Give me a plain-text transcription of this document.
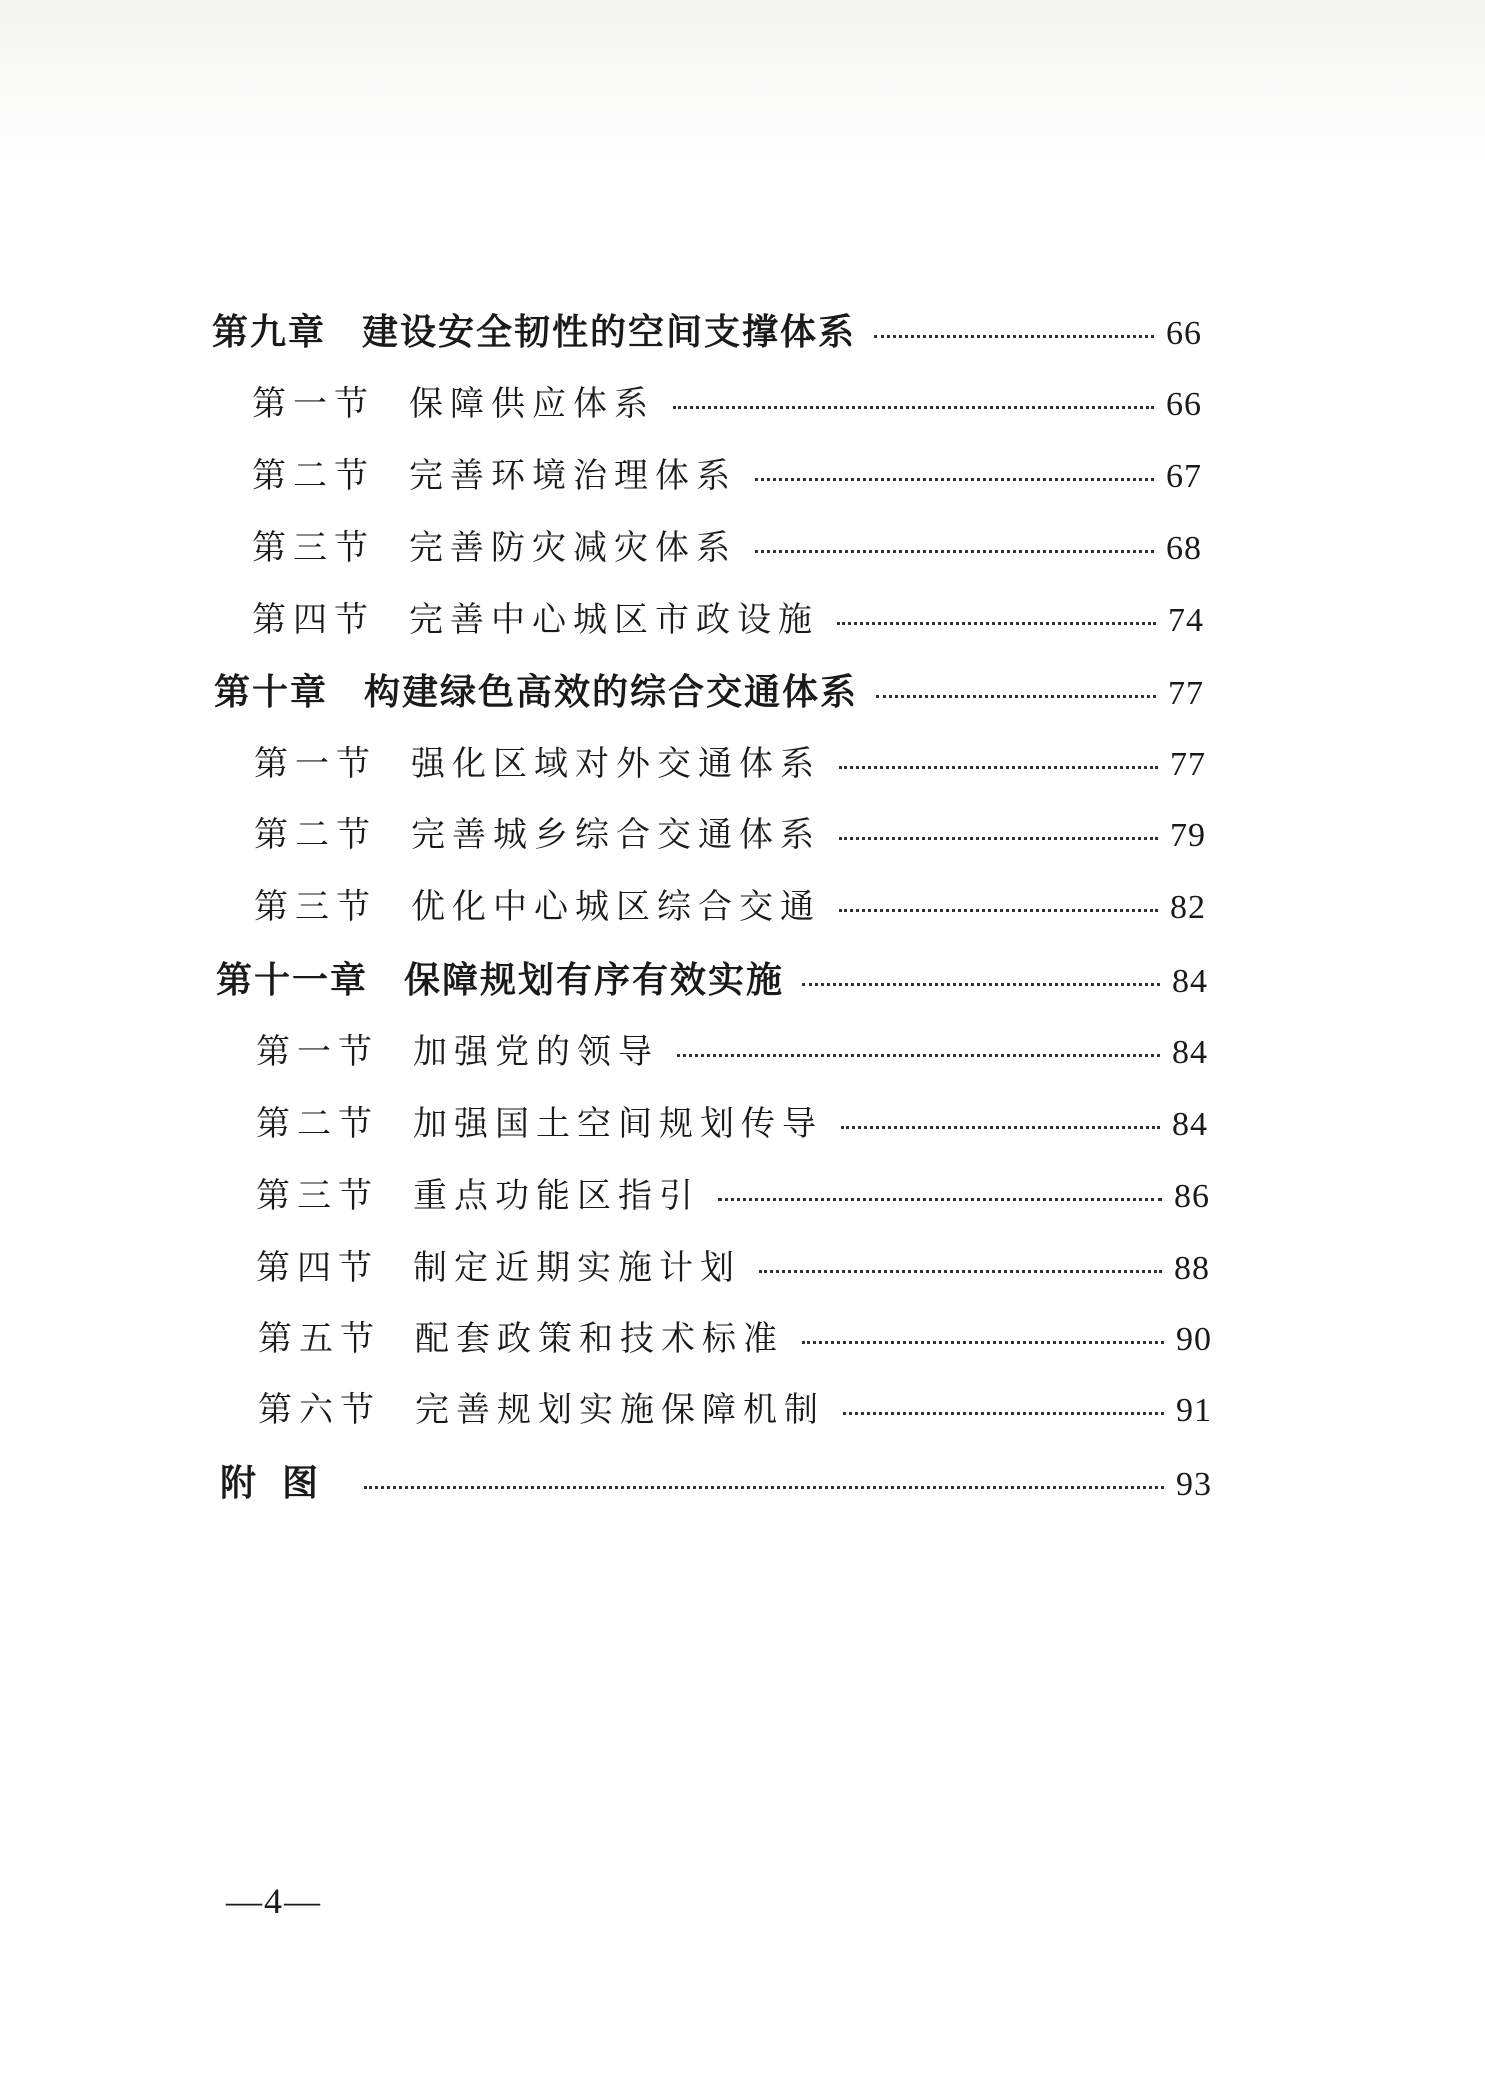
第九章 建设安全韧性的空间支撑体系	66
第一节 保障供应体系	66
第二节 完善环境治理体系	67
第三节 完善防灾减灾体系	68
第四节 完善中心城区市政设施	74
第十章 构建绿色高效的综合交通体系	77
第一节 强化区域对外交通体系	77
第二节 完善城乡综合交通体系	79
第三节 优化中心城区综合交通	82
第十一章 保障规划有序有效实施	84
第一节 加强党的领导	84
第二节 加强国土空间规划传导	84
第三节 重点功能区指引	86
第四节 制定近期实施计划	88
第五节 配套政策和技术标准	90
第六节 完善规划实施保障机制	91
附图	93
—4—
